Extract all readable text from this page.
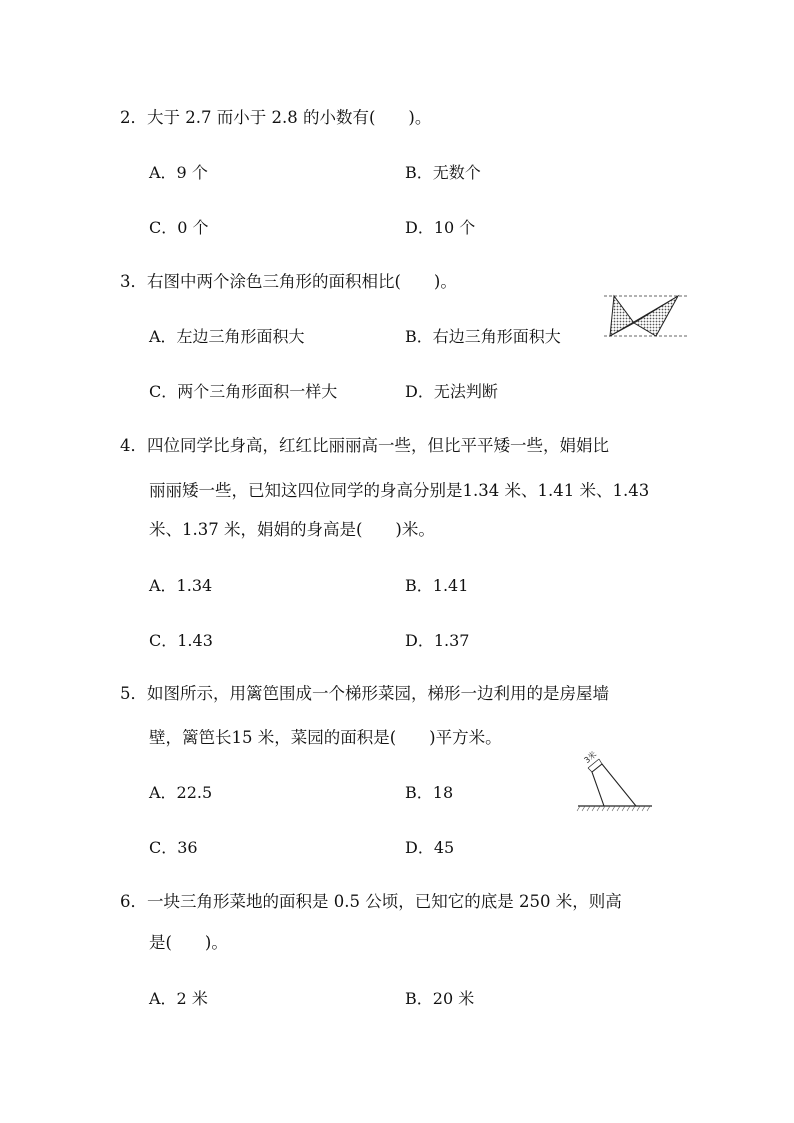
2．大于 2.7 而小于 2.8 的小数有(　　)。
A．9 个	B．无数个
C．0 个	D．10 个
3．右图中两个涂色三角形的面积相比(　　)。
A．左边三角形面积大	B．右边三角形面积大
C．两个三角形面积一样大	D．无法判断
4．四位同学比身高，红红比丽丽高一些，但比平平矮一些，娟娟比
丽丽矮一些，已知这四位同学的身高分别是1.34 米、1.41 米、1.43
米、1.37 米，娟娟的身高是(　　)米。
A．1.34	B．1.41
C．1.43	D．1.37
5．如图所示，用篱笆围成一个梯形菜园，梯形一边利用的是房屋墙
壁，篱笆长15 米，菜园的面积是(　　)平方米。
A．22.5	B．18
C．36	D．45
3米
6．一块三角形菜地的面积是 0.5 公顷，已知它的底是 250 米，则高
是(　　)。
A．2 米	B．20 米
